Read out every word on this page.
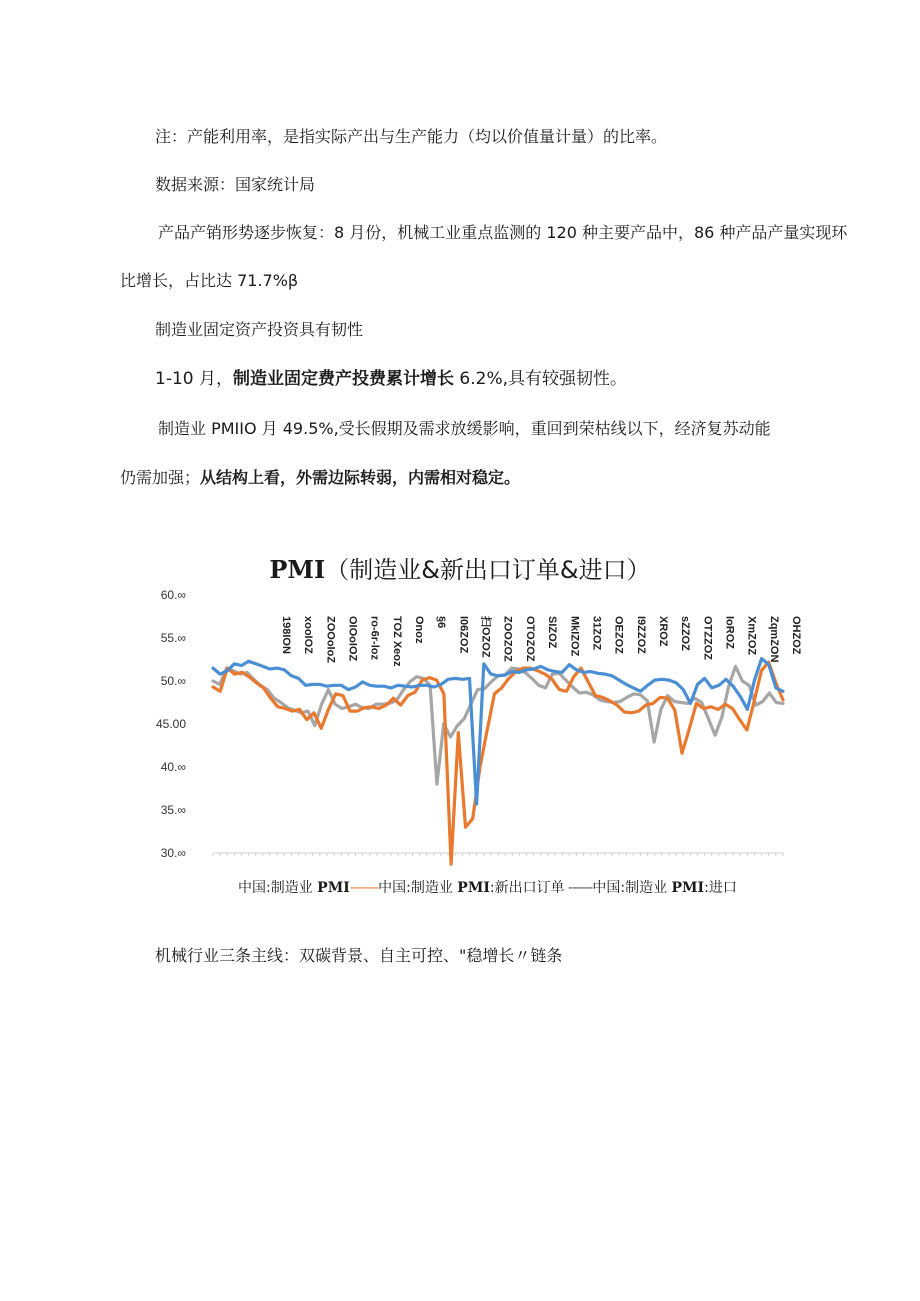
注：产能利用率，是指实际产出与生产能力（均以价值量计量）的比率。
数据来源：国家统计局
产品产销形势逐步恢复：8 月份，机械工业重点监测的 120 种主要产品中，86 种产品产量实现环
比增长，占比达 71.7%β
制造业固定资产投资具有韧性
1-10 月，制造业固定费产投费累计增长 6.2%,具有较强韧性。
制造业 PMIIO 月 49.5%,受长假期及需求放缓影响，重回到荣枯线以下，经济复苏动能
仍需加强；从结构上看，外需边际转弱，内需相对稳定。
PMI（制造业&新出口订单&进口）
60.∞
55.∞
50.∞
45.00
40.∞
35.∞
30.∞
198ION xooIOZ ZOOoIoZ OIOoIOZ ro-6r-loz TOZ Xeoz Onoz §6 I06ZOZ 扫OZOZ ZOOZOZ OTOZOZ SIZOZ MkIZOZ 31ZOZ OEZOZ I9ZZOZ XROZ sZZOZ OTZZOZ IoROZ XmZOZ ZqmZON OHZOZ
中国:制造业 PMI-------中国:制造业 PMI:新出口订单 ------中国:制造业 PMI:进口
机械行业三条主线：双碳背景、自主可控、"稳增长〃链条
